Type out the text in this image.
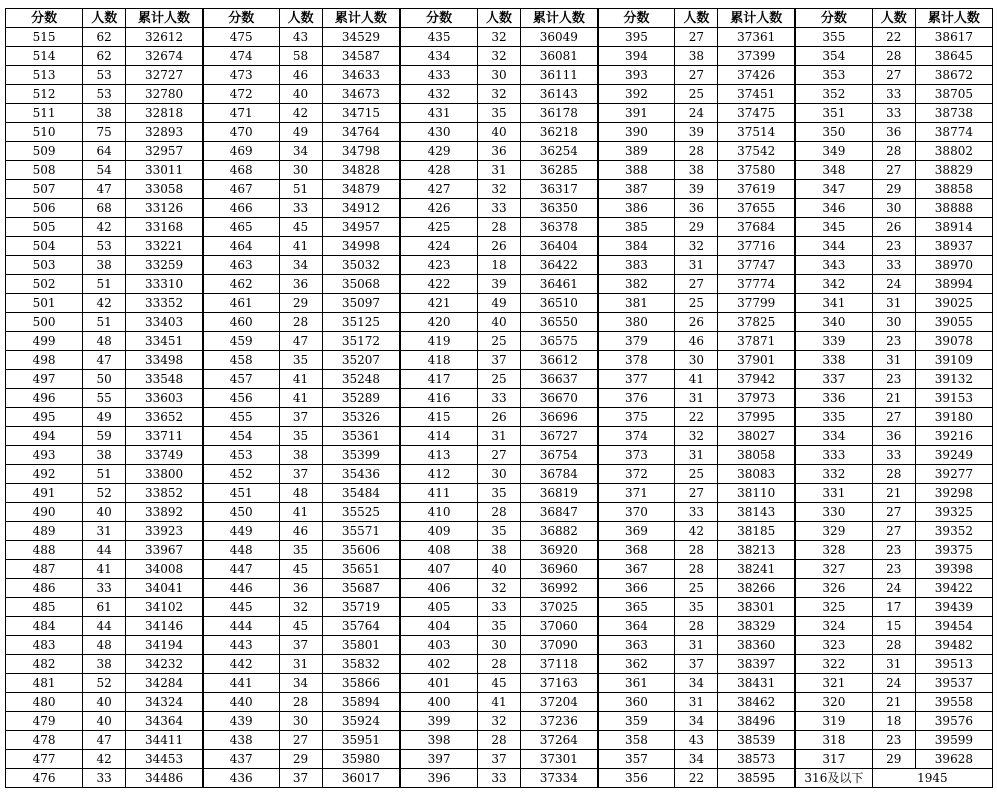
分数	人数	累计人数	分数	人数	累计人数	分数	人数	累计人数	分数	人数	累计人数	分数	人数	累计人数
515	62	32612	475	43	34529	435	32	36049	395	27	37361	355	22	38617
514	62	32674	474	58	34587	434	32	36081	394	38	37399	354	28	38645
513	53	32727	473	46	34633	433	30	36111	393	27	37426	353	27	38672
512	53	32780	472	40	34673	432	32	36143	392	25	37451	352	33	38705
511	38	32818	471	42	34715	431	35	36178	391	24	37475	351	33	38738
510	75	32893	470	49	34764	430	40	36218	390	39	37514	350	36	38774
509	64	32957	469	34	34798	429	36	36254	389	28	37542	349	28	38802
508	54	33011	468	30	34828	428	31	36285	388	38	37580	348	27	38829
507	47	33058	467	51	34879	427	32	36317	387	39	37619	347	29	38858
506	68	33126	466	33	34912	426	33	36350	386	36	37655	346	30	38888
505	42	33168	465	45	34957	425	28	36378	385	29	37684	345	26	38914
504	53	33221	464	41	34998	424	26	36404	384	32	37716	344	23	38937
503	38	33259	463	34	35032	423	18	36422	383	31	37747	343	33	38970
502	51	33310	462	36	35068	422	39	36461	382	27	37774	342	24	38994
501	42	33352	461	29	35097	421	49	36510	381	25	37799	341	31	39025
500	51	33403	460	28	35125	420	40	36550	380	26	37825	340	30	39055
499	48	33451	459	47	35172	419	25	36575	379	46	37871	339	23	39078
498	47	33498	458	35	35207	418	37	36612	378	30	37901	338	31	39109
497	50	33548	457	41	35248	417	25	36637	377	41	37942	337	23	39132
496	55	33603	456	41	35289	416	33	36670	376	31	37973	336	21	39153
495	49	33652	455	37	35326	415	26	36696	375	22	37995	335	27	39180
494	59	33711	454	35	35361	414	31	36727	374	32	38027	334	36	39216
493	38	33749	453	38	35399	413	27	36754	373	31	38058	333	33	39249
492	51	33800	452	37	35436	412	30	36784	372	25	38083	332	28	39277
491	52	33852	451	48	35484	411	35	36819	371	27	38110	331	21	39298
490	40	33892	450	41	35525	410	28	36847	370	33	38143	330	27	39325
489	31	33923	449	46	35571	409	35	36882	369	42	38185	329	27	39352
488	44	33967	448	35	35606	408	38	36920	368	28	38213	328	23	39375
487	41	34008	447	45	35651	407	40	36960	367	28	38241	327	23	39398
486	33	34041	446	36	35687	406	32	36992	366	25	38266	326	24	39422
485	61	34102	445	32	35719	405	33	37025	365	35	38301	325	17	39439
484	44	34146	444	45	35764	404	35	37060	364	28	38329	324	15	39454
483	48	34194	443	37	35801	403	30	37090	363	31	38360	323	28	39482
482	38	34232	442	31	35832	402	28	37118	362	37	38397	322	31	39513
481	52	34284	441	34	35866	401	45	37163	361	34	38431	321	24	39537
480	40	34324	440	28	35894	400	41	37204	360	31	38462	320	21	39558
479	40	34364	439	30	35924	399	32	37236	359	34	38496	319	18	39576
478	47	34411	438	27	35951	398	28	37264	358	43	38539	318	23	39599
477	42	34453	437	29	35980	397	37	37301	357	34	38573	317	29	39628
476	33	34486	436	37	36017	396	33	37334	356	22	38595	316及以下	1945	
